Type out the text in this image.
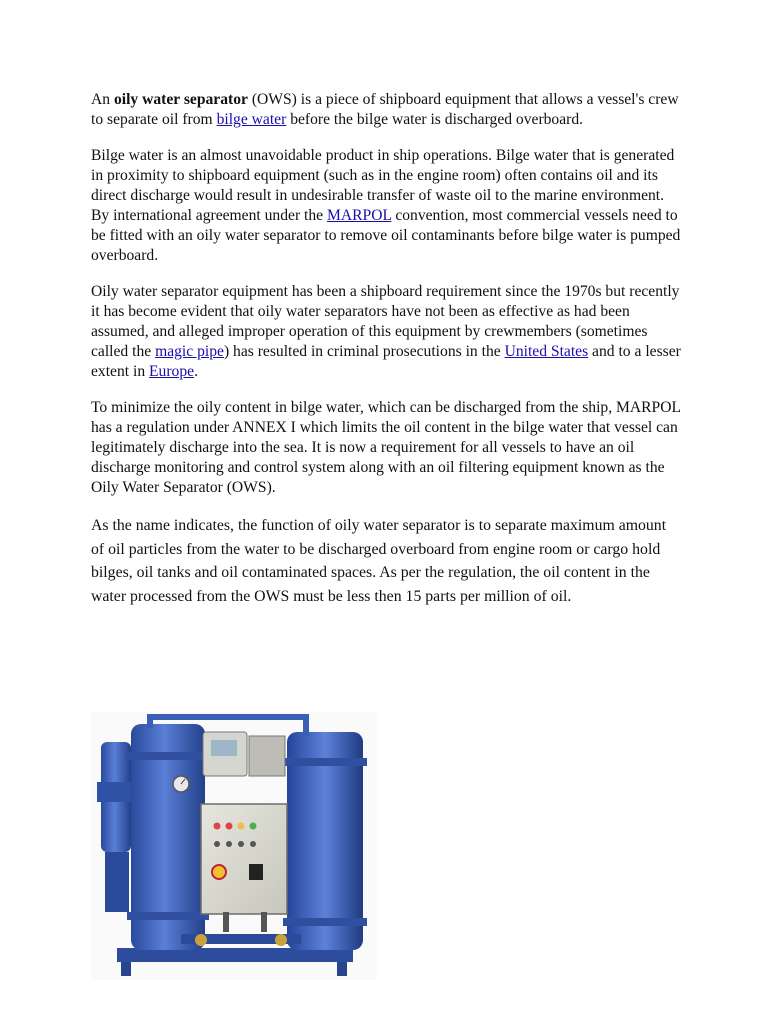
An oily water separator (OWS) is a piece of shipboard equipment that allows a vessel's crew to separate oil from bilge water before the bilge water is discharged overboard.

Bilge water is an almost unavoidable product in ship operations. Bilge water that is generated in proximity to shipboard equipment (such as in the engine room) often contains oil and its direct discharge would result in undesirable transfer of waste oil to the marine environment. By international agreement under the MARPOL convention, most commercial vessels need to be fitted with an oily water separator to remove oil contaminants before bilge water is pumped overboard.

Oily water separator equipment has been a shipboard requirement since the 1970s but recently it has become evident that oily water separators have not been as effective as had been assumed, and alleged improper operation of this equipment by crewmembers (sometimes called the magic pipe) has resulted in criminal prosecutions in the United States and to a lesser extent in Europe.

To minimize the oily content in bilge water, which can be discharged from the ship, MARPOL has a regulation under ANNEX I which limits the oil content in the bilge water that vessel can legitimately discharge into the sea. It is now a requirement for all vessels to have an oil discharge monitoring and control system along with an oil filtering equipment known as the Oily Water Separator (OWS).

As the name indicates, the function of oily water separator is to separate maximum amount of oil particles from the water to be discharged overboard from engine room or cargo hold bilges, oil tanks and oil contaminated spaces. As per the regulation, the oil content in the water processed from the OWS must be less then 15 parts per million of oil.
